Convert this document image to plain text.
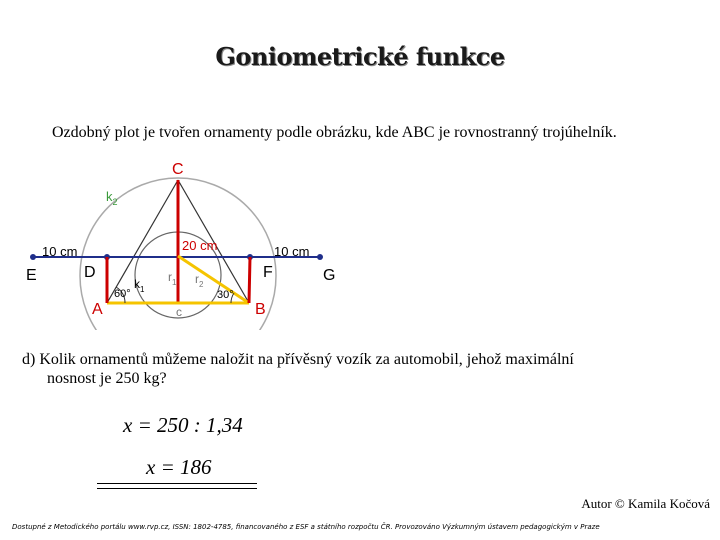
Goniometrické funkce
Ozdobný plot je tvořen ornamenty podle obrázku, kde ABC je rovnostranný trojúhelník.
C
$k_2$
10 cm	20 cm	10 cm
E	D	F	G
$k_1$
$r_1$ $r_2$
60°	30°
A	B
c
d) Kolik ornamentů můžeme naložit na přívěsný vozík za automobil, jehož maximální
nosnost je 250 kg?
x = 250 : 1,34
x = 186
Autor © Kamila Kočová
Dostupné z Metodického portálu www.rvp.cz, ISSN: 1802-4785, financovaného z ESF a státního rozpočtu ČR. Provozováno Výzkumným ústavem pedagogickým v Praze
